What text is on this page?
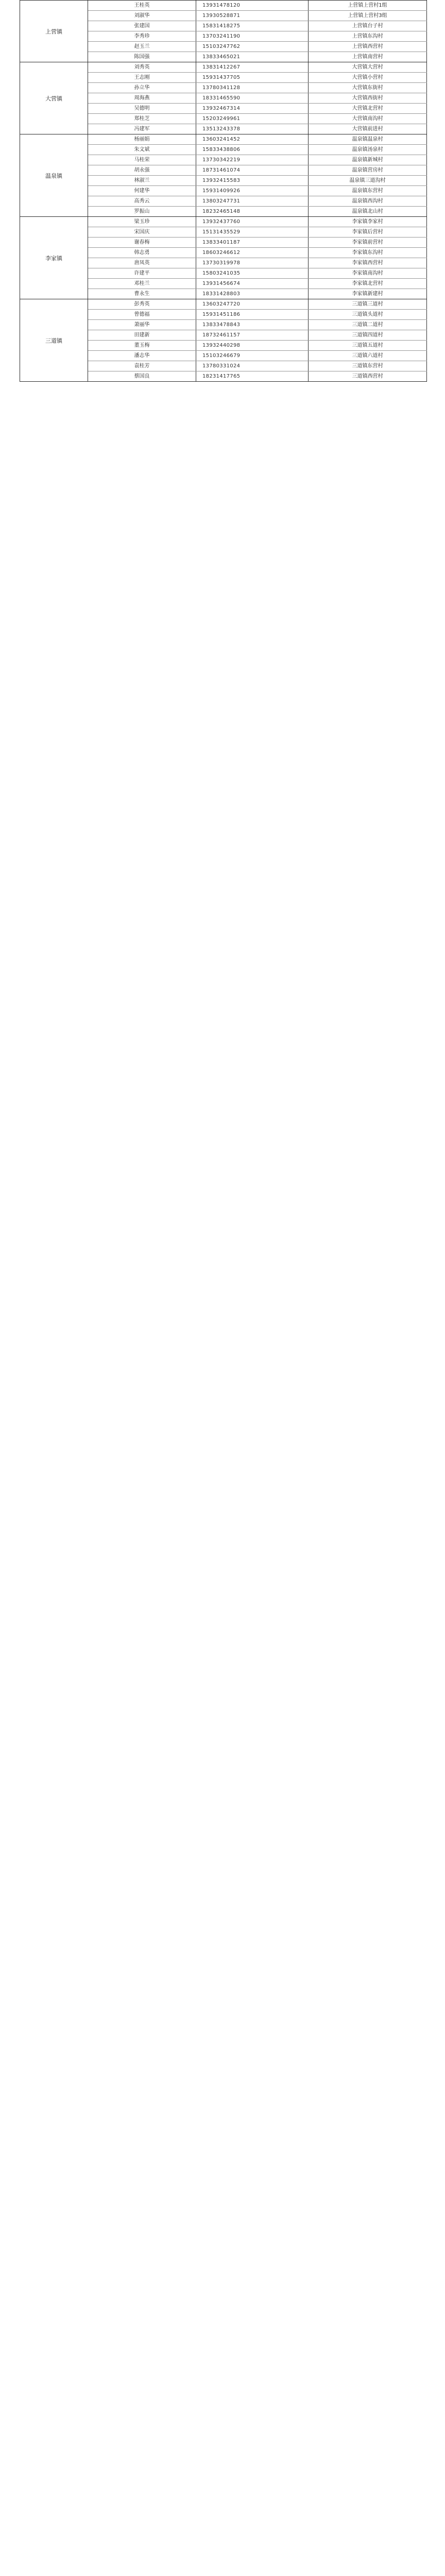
上营镇
王桂英	13931478120	上营镇上营村1组
刘淑华	13930528871	上营镇上营村3组
张建国	15831418275	上营镇台子村
李秀珍	13703241190	上营镇东沟村
赵玉兰	15103247762	上营镇西营村
陈国强	13833465021	上营镇南营村
大营镇
刘秀英	13831412267	大营镇大营村
王志刚	15931437705	大营镇小营村
孙立华	13780341128	大营镇东街村
周海燕	18331465590	大营镇西街村
吴德明	13932467314	大营镇北营村
郑桂芝	15203249961	大营镇南沟村
冯建军	13513243378	大营镇前进村
温泉镇
杨丽娟	13603241452	温泉镇温泉村
朱文斌	15833438806	温泉镇汤泉村
马桂荣	13730342219	温泉镇新城村
胡永强	18731461074	温泉镇营房村
林淑兰	13932415583	温泉镇三道沟村
何建华	15931409926	温泉镇东营村
高秀云	13803247731	温泉镇西沟村
罗振山	18232465148	温泉镇北山村
李家镇
梁玉珍	13932437760	李家镇李家村
宋国庆	15131435529	李家镇后营村
谢春梅	13833401187	李家镇前营村
韩志勇	18603246612	李家镇东沟村
唐凤英	13730319978	李家镇西营村
许建平	15803241035	李家镇南沟村
邓桂兰	13931456674	李家镇北营村
曹永生	18331428803	李家镇新建村
三道镇
彭秀英	13603247720	三道镇三道村
曾德福	15931451186	三道镇头道村
萧丽华	13833478843	三道镇二道村
田建新	18732461157	三道镇四道村
董玉梅	13932440298	三道镇五道村
潘志华	15103246679	三道镇六道村
袁桂芳	13780331024	三道镇东营村
蔡国良	18231417765	三道镇西营村
